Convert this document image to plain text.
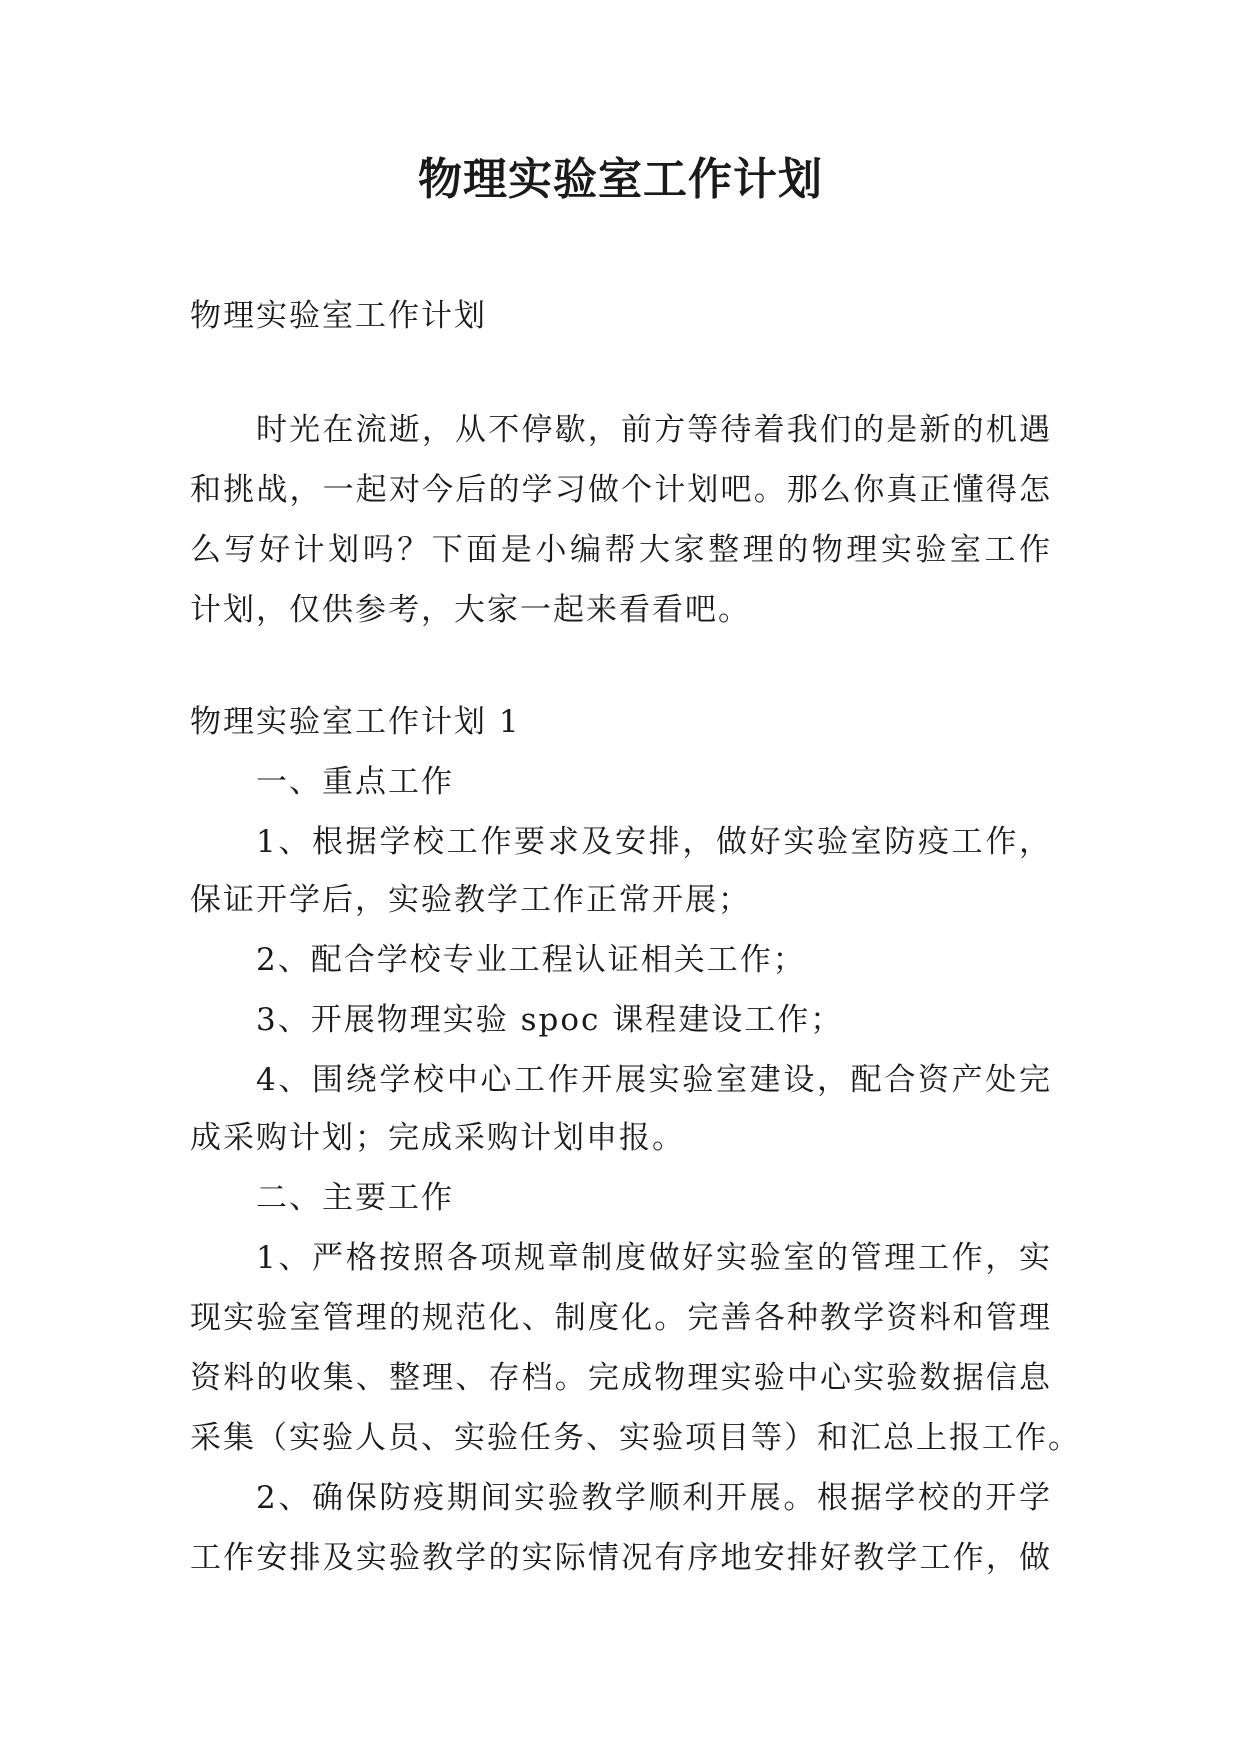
物理实验室工作计划

物理实验室工作计划

时光在流逝，从不停歇，前方等待着我们的是新的机遇

和挑战，一起对今后的学习做个计划吧。那么你真正懂得怎

么写好计划吗？下面是小编帮大家整理的物理实验室工作

计划，仅供参考，大家一起来看看吧。

物理实验室工作计划 1

一、重点工作

1、根据学校工作要求及安排，做好实验室防疫工作，

保证开学后，实验教学工作正常开展；

2、配合学校专业工程认证相关工作；

3、开展物理实验 spoc 课程建设工作；

4、围绕学校中心工作开展实验室建设，配合资产处完

成采购计划；完成采购计划申报。

二、主要工作

1、严格按照各项规章制度做好实验室的管理工作，实

现实验室管理的规范化、制度化。完善各种教学资料和管理

资料的收集、整理、存档。完成物理实验中心实验数据信息

采集（实验人员、实验任务、实验项目等）和汇总上报工作。

2、确保防疫期间实验教学顺利开展。根据学校的开学

工作安排及实验教学的实际情况有序地安排好教学工作，做
